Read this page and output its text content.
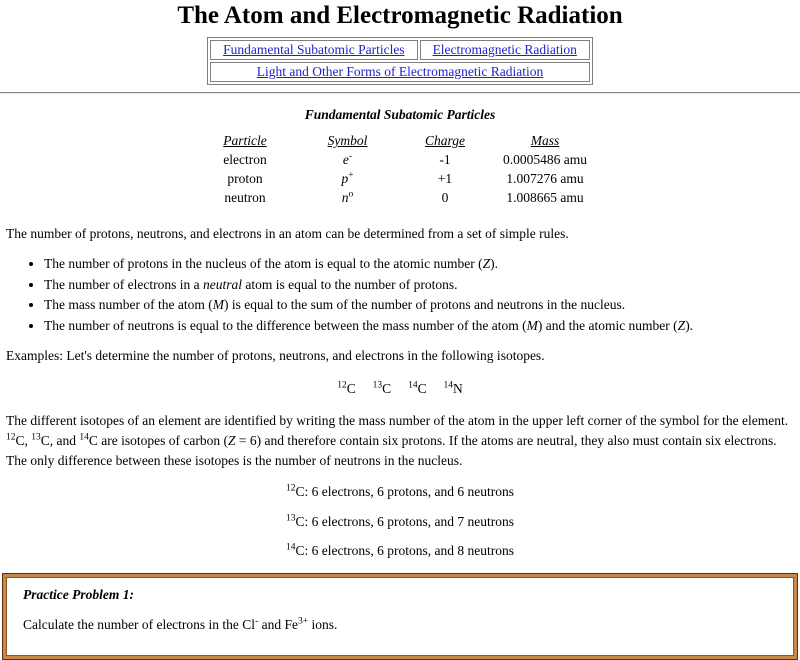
The Atom and Electromagnetic Radiation
Fundamental Subatomic Particles	Electromagnetic Radiation
Light and Other Forms of Electromagnetic Radiation
Fundamental Subatomic Particles
Particle	Symbol	Charge	Mass
electron	e-	-1	0.0005486 amu
proton	p+	+1	1.007276 amu
neutron	$n^o$	0	1.008665 amu

The number of protons, neutrons, and electrons in an atom can be determined from a set of simple rules.

• The number of protons in the nucleus of the atom is equal to the atomic number (Z).
• The number of electrons in a neutral atom is equal to the number of protons.
• The mass number of the atom (M) is equal to the sum of the number of protons and neutrons in the nucleus.
• The number of neutrons is equal to the difference between the mass number of the atom (M) and the atomic number (Z).

Examples: Let's determine the number of protons, neutrons, and electrons in the following isotopes.

$^{12}$C     $^{13}$C     $^{14}$C     $^{14}$N

The different isotopes of an element are identified by writing the mass number of the atom in the upper left corner of the symbol for the element. $^{12}$C, $^{13}$C, and $^{14}$C are isotopes of carbon (Z = 6) and therefore contain six protons. If the atoms are neutral, they also must contain six electrons. The only difference between these isotopes is the number of neutrons in the nucleus.

$^{12}$C: 6 electrons, 6 protons, and 6 neutrons
$^{13}$C: 6 electrons, 6 protons, and 7 neutrons
$^{14}$C: 6 electrons, 6 protons, and 8 neutrons

Practice Problem 1:

Calculate the number of electrons in the Cl- and $Fe^{3+}$ ions.
